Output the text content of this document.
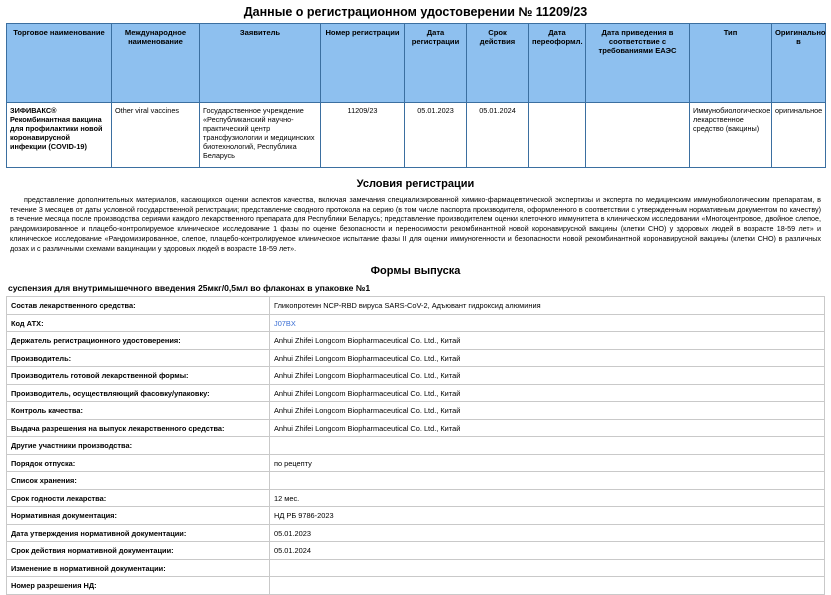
Данные о регистрационном удостоверении № 11209/23
Торговое наименование	Международное наименование	Заявитель	Номер регистрации	Дата регистрации	Срок действия	Дата переоформл.	Дата приведения в соответствие с требованиями ЕАЭС	Тип	Оригинально в
ЗИФИВАКС® Рекомбинантная вакцина для профилактики новой коронавирусной инфекции (COVID-19)	Other viral vaccines	Государственное учреждение «Республиканский научно-практический центр трансфузиологии и медицинских биотехнологий, Республика Беларусь	11209/23	05.01.2023	05.01.2024			Иммунобиологическое лекарственное средство (вакцины)	оригинальное
Условия регистрации
представление дополнительных материалов, касающихся оценки аспектов качества, включая замечания специализированной химико-фармацевтической экспертизы и эксперта по медицинским иммунобиологическим препаратам, в течение 3 месяцев от даты условной государственной регистрации; представление сводного протокола на серию (в том числе паспорта производителя, оформленного в соответствии с утвержденным нормативным документом по качеству) в течение месяца после производства сериями каждого лекарственного препарата для Республики Беларусь; представление производителем оценки клеточного иммунитета в клиническом исследовании «Многоцентровое, двойное слепое, рандомизированное и плацебо-контролируемое клиническое исследование 1 фазы по оценке безопасности и переносимости рекомбинантной новой коронавирусной вакцины (клетки СНО) у здоровых людей в возрасте 18-59 лет» и клиническое исследование «Рандомизированное, слепое, плацебо-контролируемое клиническое испытание фазы II для оценки иммуногенности и безопасности новой рекомбинантной коронавирусной вакцины (клетки СНО) в различных дозах и с различными схемами вакцинации у здоровых людей в возрасте 18-59 лет».
Формы выпуска
суспензия для внутримышечного введения 25мкг/0,5мл во флаконах в упаковке №1
Состав лекарственного средства:	Гликопротеин NCP-RBD вируса SARS-CoV-2, Адъювант гидроксид алюминия
Код АТХ:	J07BX
Держатель регистрационного удостоверения:	Anhui Zhifei Longcom Biopharmaceutical Co. Ltd., Китай
Производитель:	Anhui Zhifei Longcom Biopharmaceutical Co. Ltd., Китай
Производитель готовой лекарственной формы:	Anhui Zhifei Longcom Biopharmaceutical Co. Ltd., Китай
Производитель, осуществляющий фасовку/упаковку:	Anhui Zhifei Longcom Biopharmaceutical Co. Ltd., Китай
Контроль качества:	Anhui Zhifei Longcom Biopharmaceutical Co. Ltd., Китай
Выдача разрешения на выпуск лекарственного средства:	Anhui Zhifei Longcom Biopharmaceutical Co. Ltd., Китай
Другие участники производства:	
Порядок отпуска:	по рецепту
Список хранения:	
Срок годности лекарства:	12 мес.
Нормативная документация:	НД РБ 9786-2023
Дата утверждения нормативной документации:	05.01.2023
Срок действия нормативной документации:	05.01.2024
Изменение в нормативной документации:	
Номер разрешения НД:	
